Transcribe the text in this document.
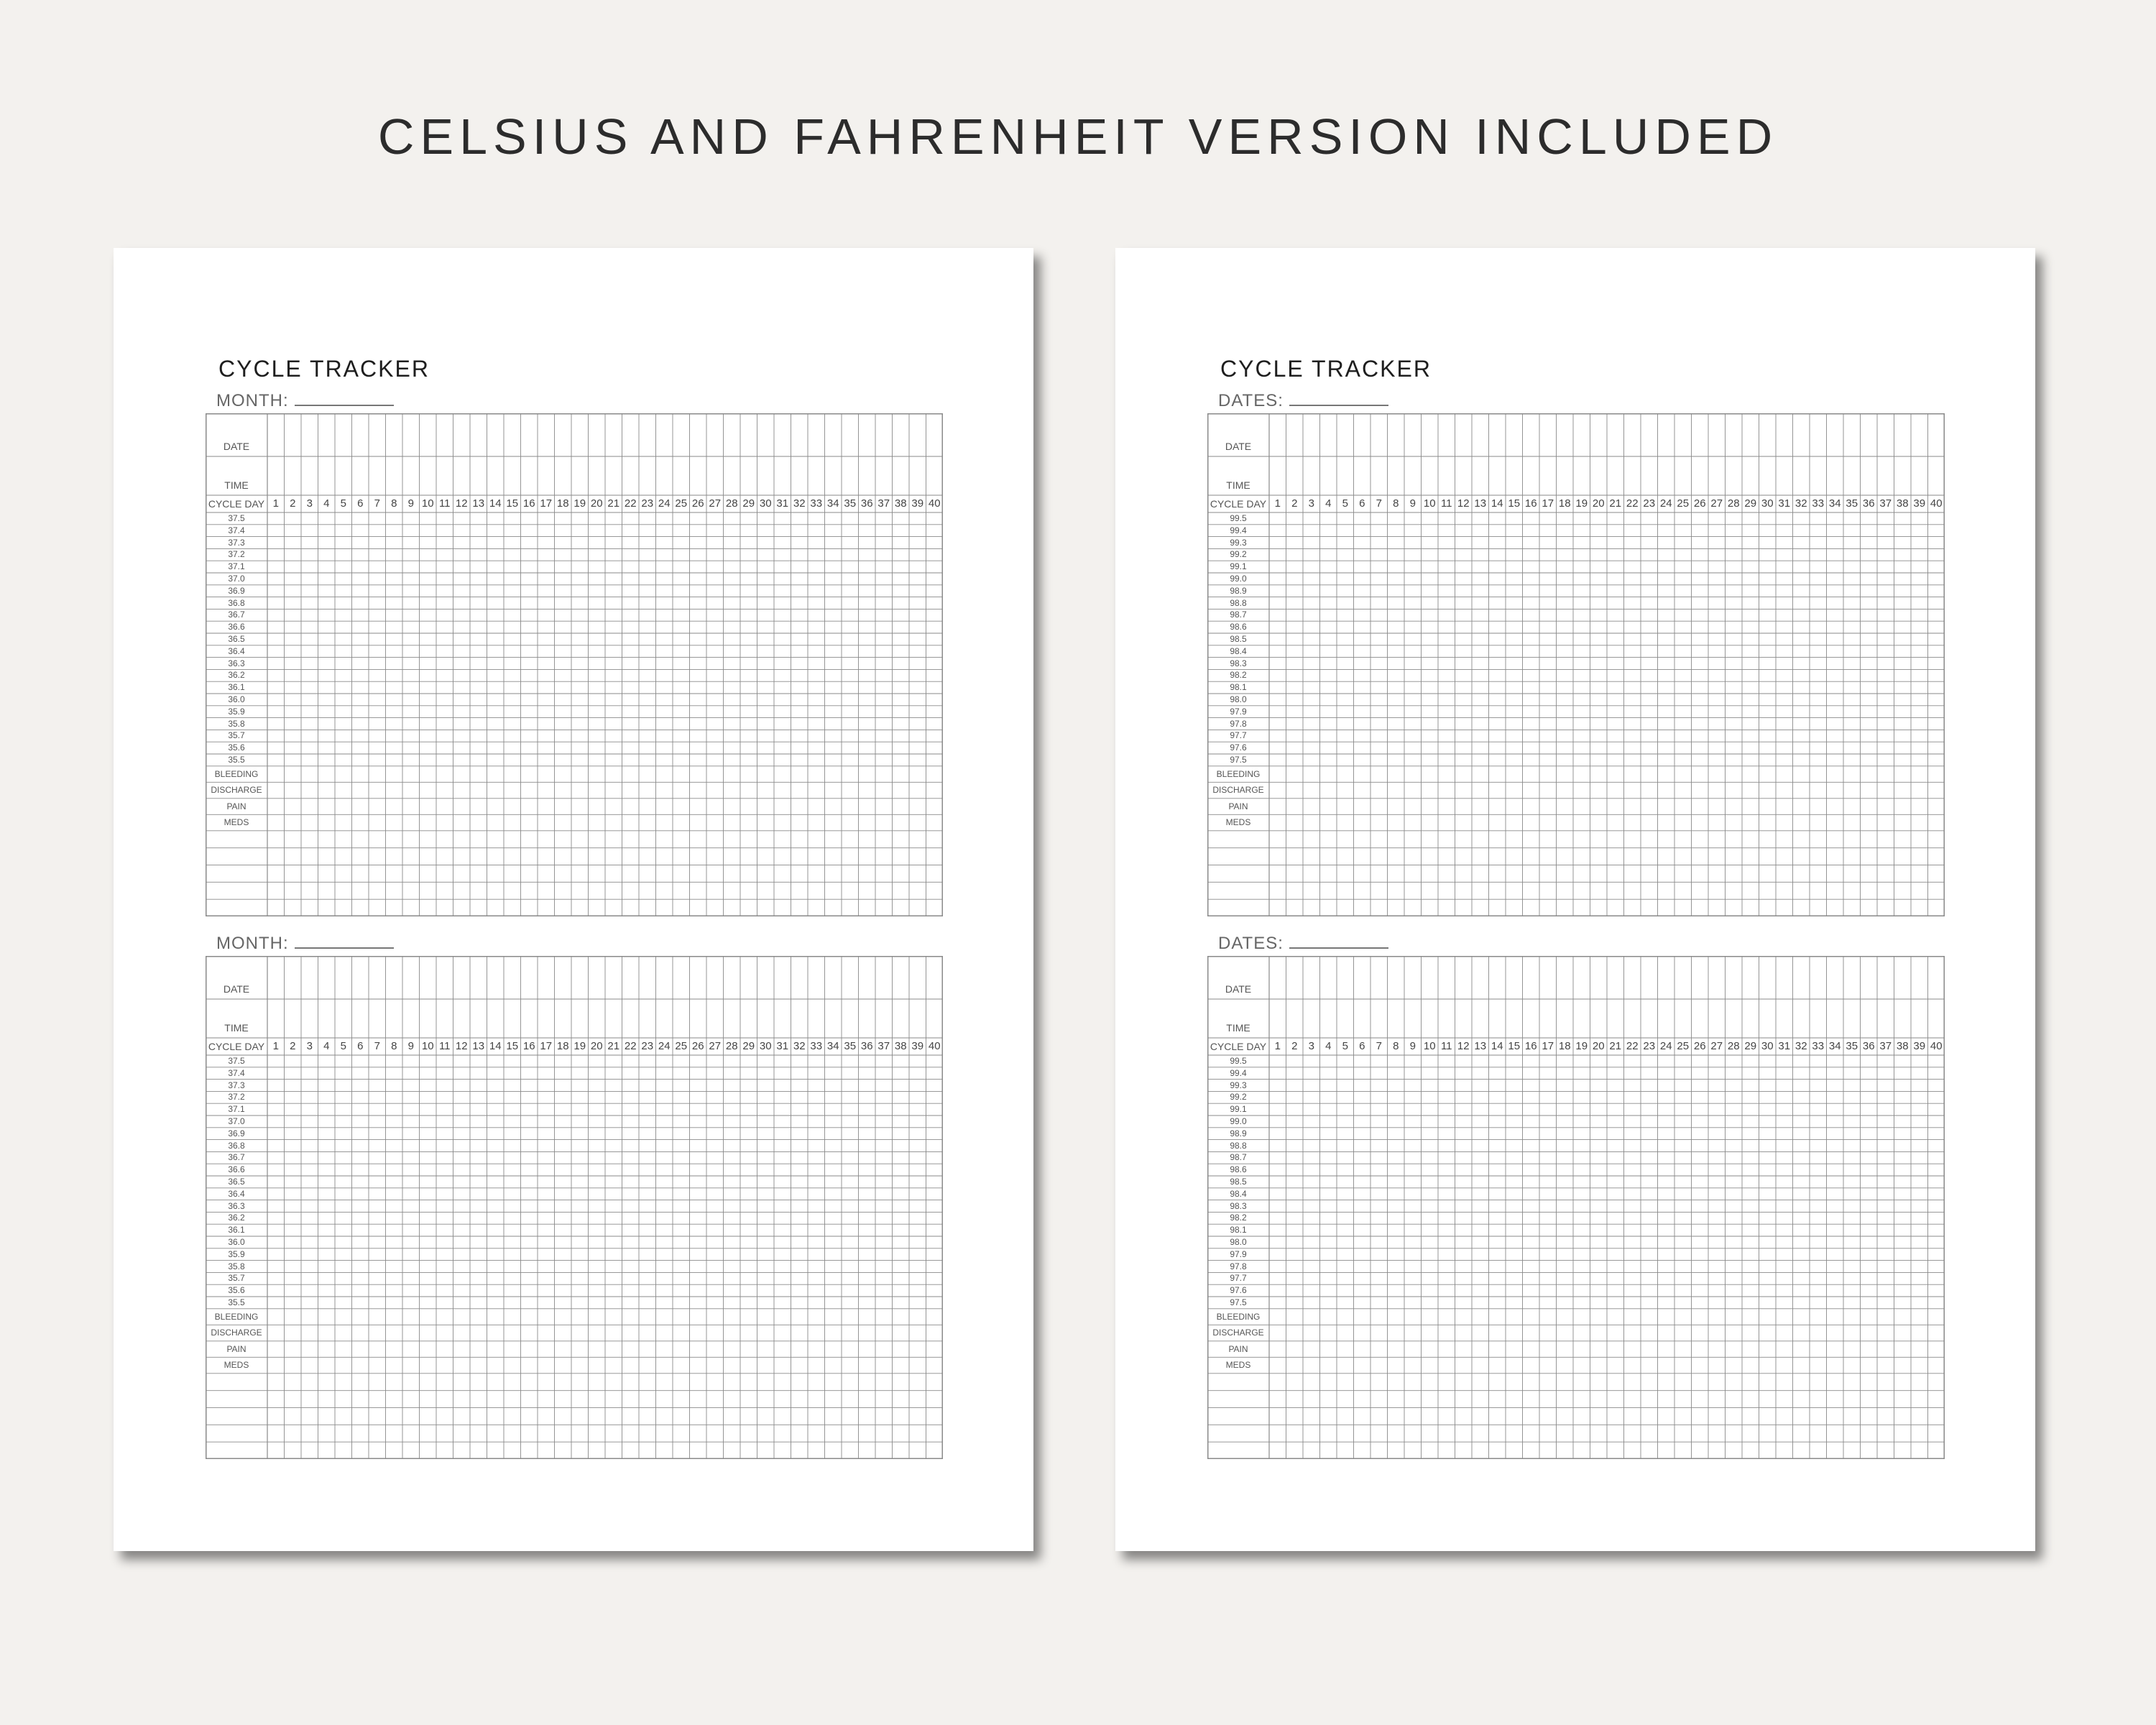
CELSIUS AND FAHRENHEIT VERSION INCLUDED
CYCLE TRACKER
MONTH:
DATE
TIME
CYCLE DAY 1	2	3	4	5	6	7	8	9 10 11 12 13 14 15 16 17 18 19 20 21 22 23 24 25 26 27 28 29 30 31 32 33 34 35 36 37 38 39 40
37.5
37.4
37.3
37.2
37.1
37.0
36.9
36.8
36.7
36.6
36.5
36.4
36.3
36.2
36.1
36.0
35.9
35.8
35.7
35.6
35.5
BLEEDING
DISCHARGE
PAIN
MEDS
MONTH:
DATE
TIME
CYCLE DAY 1	2	3	4	5	6	7	8	9 10 11 12 13 14 15 16 17 18 19 20 21 22 23 24 25 26 27 28 29 30 31 32 33 34 35 36 37 38 39 40
37.5
37.4
37.3
37.2
37.1
37.0
36.9
36.8
36.7
36.6
36.5
36.4
36.3
36.2
36.1
36.0
35.9
35.8
35.7
35.6
35.5
BLEEDING
DISCHARGE
PAIN
MEDS
CYCLE TRACKER
DATES:
DATE
TIME
CYCLE DAY 1	2	3	4	5	6	7	8	9 10 11 12 13 14 15 16 17 18 19 20 21 22 23 24 25 26 27 28 29 30 31 32 33 34 35 36 37 38 39 40
99.5
99.4
99.3
99.2
99.1
99.0
98.9
98.8
98.7
98.6
98.5
98.4
98.3
98.2
98.1
98.0
97.9
97.8
97.7
97.6
97.5
BLEEDING
DISCHARGE
PAIN
MEDS
DATES:
DATE
TIME
CYCLE DAY 1	2	3	4	5	6	7	8	9 10 11 12 13 14 15 16 17 18 19 20 21 22 23 24 25 26 27 28 29 30 31 32 33 34 35 36 37 38 39 40
99.5
99.4
99.3
99.2
99.1
99.0
98.9
98.8
98.7
98.6
98.5
98.4
98.3
98.2
98.1
98.0
97.9
97.8
97.7
97.6
97.5
BLEEDING
DISCHARGE
PAIN
MEDS
